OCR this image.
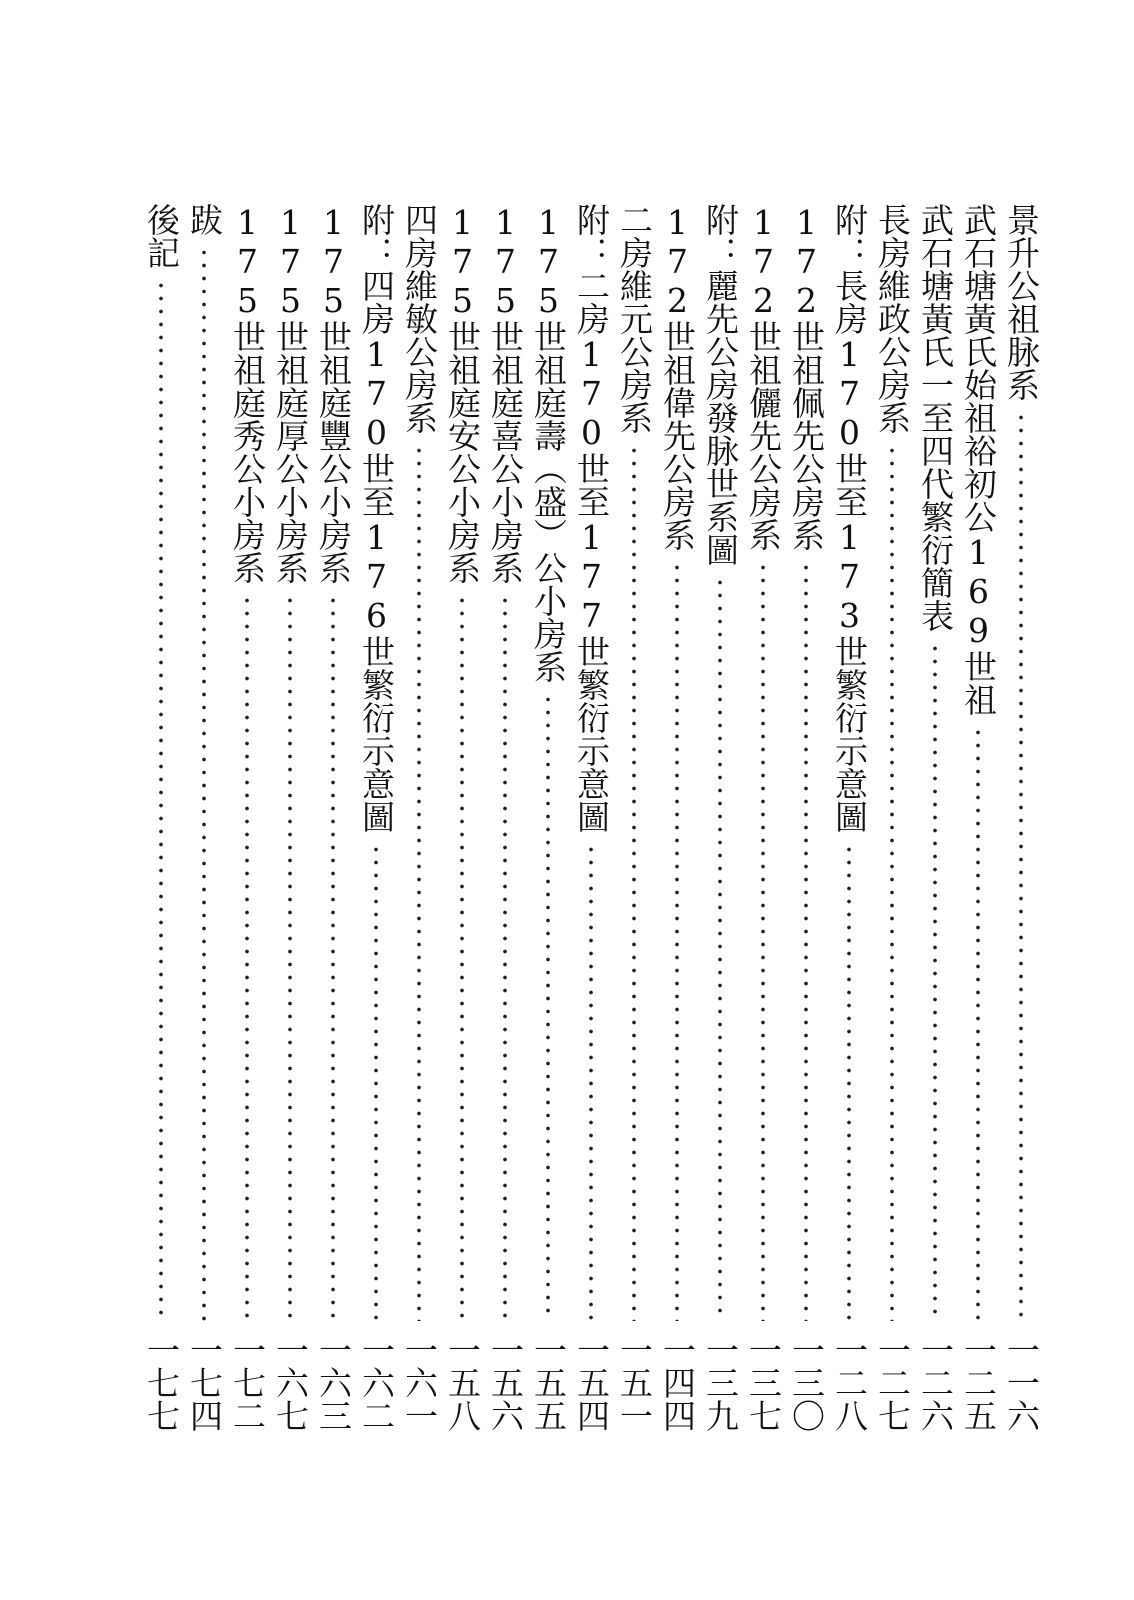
景升公祖脉系
一一六
武石塘黃氏始祖裕初公169世祖
一二五
武石塘黃氏一至四代繁衍簡表
一二六
長房維政公房系
一二七
附：長房170世至173世繁衍示意圖
一二八
172世祖佩先公房系
一三〇
172世祖儷先公房系
一三七
附：麗先公房發脉世系圖
一三九
172世祖偉先公房系
一四四
二房維元公房系
一五一
附：二房170世至177世繁衍示意圖
一五四
175世祖庭壽（盛）公小房系
一五五
175世祖庭喜公小房系
一五六
175世祖庭安公小房系
一五八
四房維敏公房系
一六一
附：四房170世至176世繁衍示意圖
一六二
175世祖庭豐公小房系
一六三
175世祖庭厚公小房系
一六七
175世祖庭秀公小房系
一七二
跋
一七四
後記
一七七
